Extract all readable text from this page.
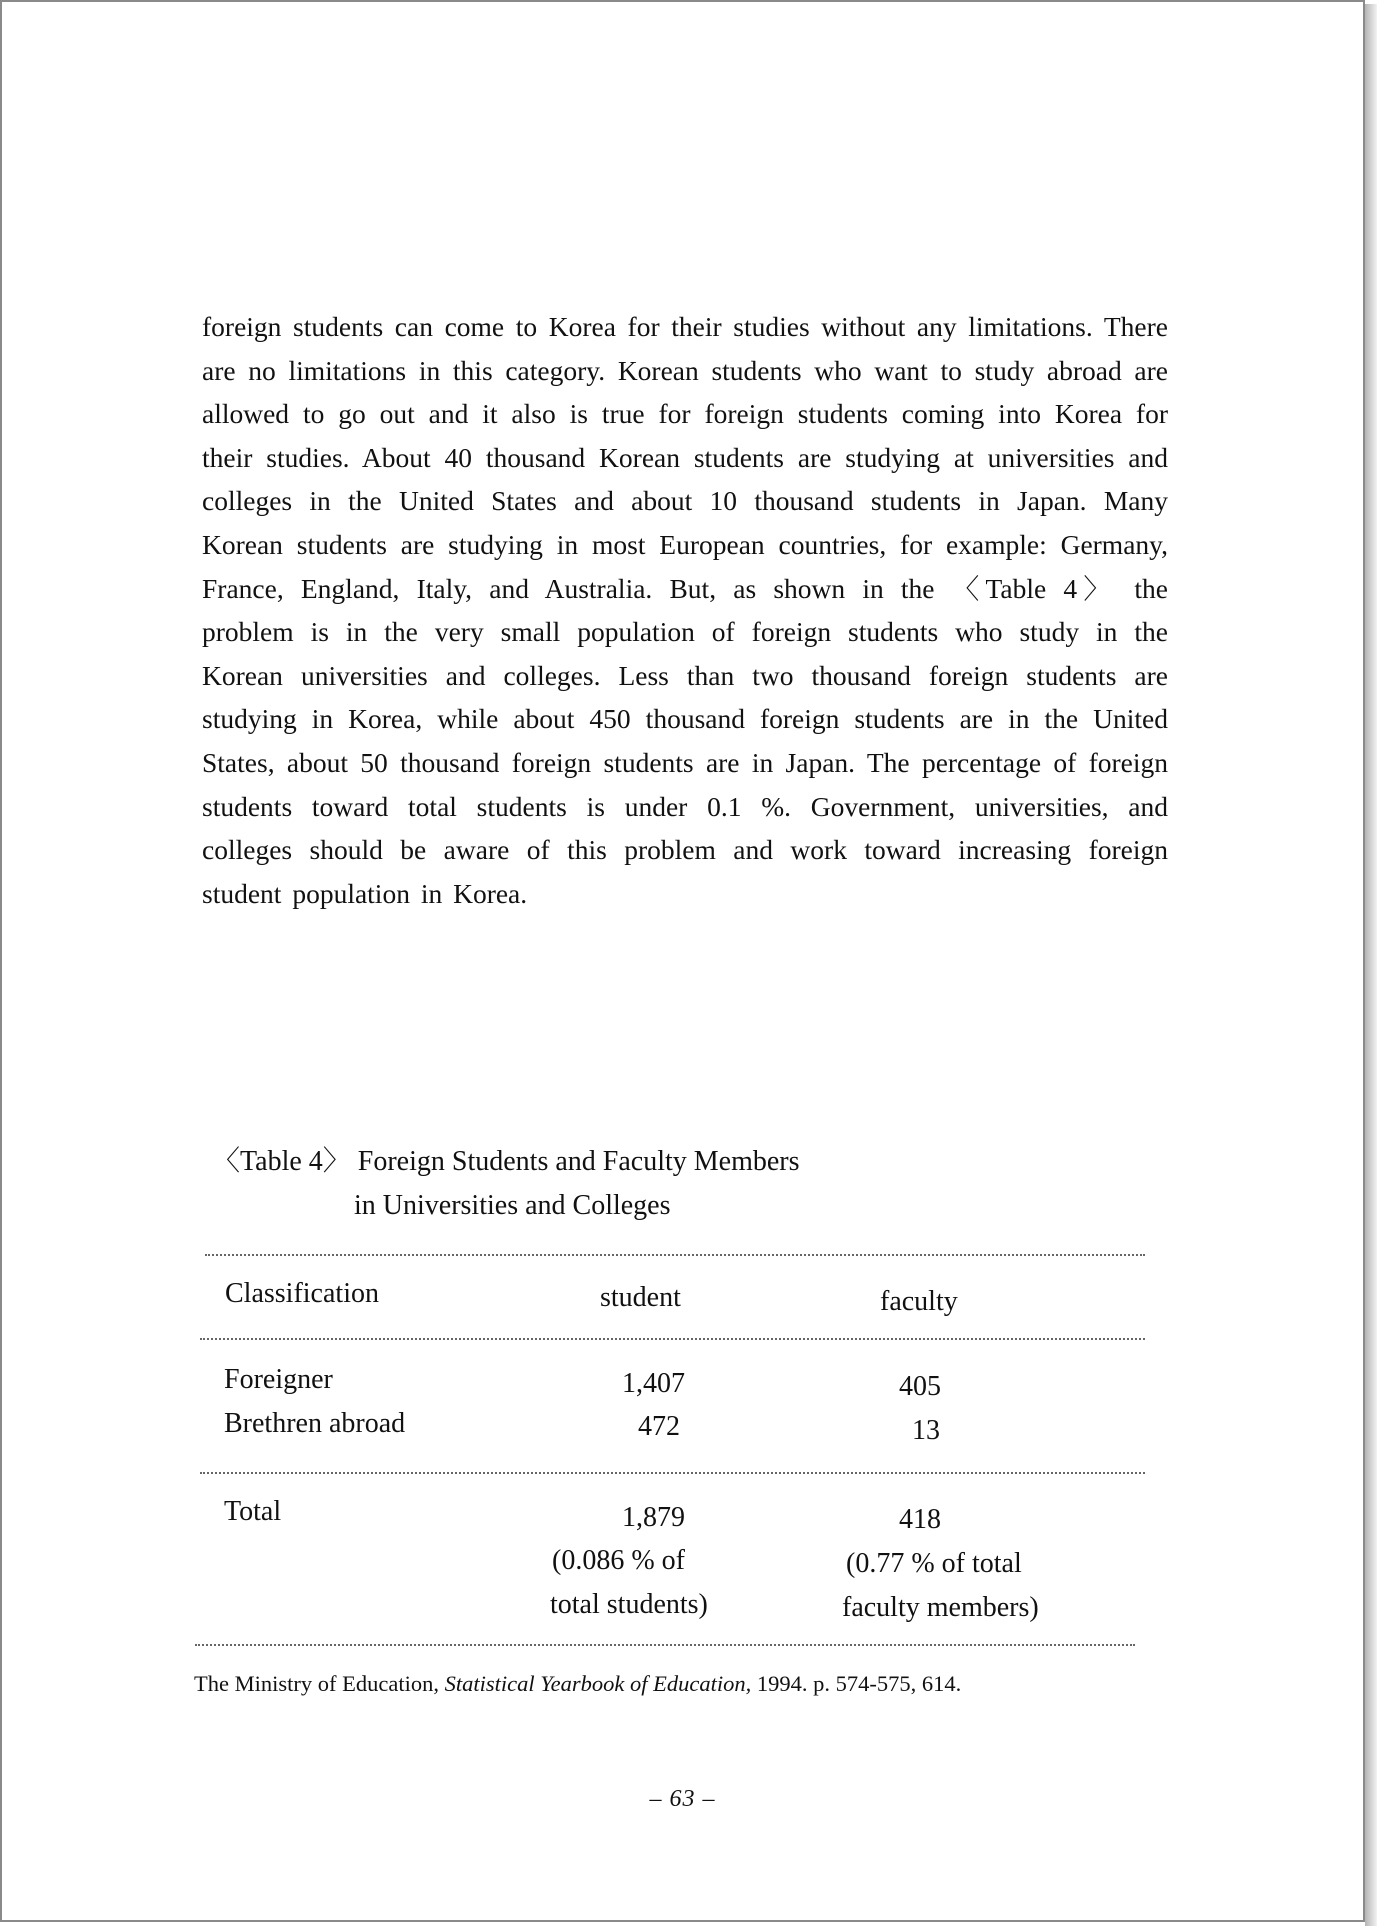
foreign students can come to Korea for their studies without any limitations. There are no limitations in this category. Korean students who want to study abroad are allowed to go out and it also is true for foreign students coming into Korea for their studies. About 40 thousand Korean students are studying at universities and colleges in the United States and about 10 thousand students in Japan. Many Korean students are studying in most European countries, for example: Germany, France, England, Italy, and Australia. But, as shown in the 〈Table 4〉 the problem is in the very small population of foreign students who study in the Korean universities and colleges. Less than two thousand foreign students are studying in Korea, while about 450 thousand foreign students are in the United States, about 50 thousand foreign students are in Japan. The percentage of foreign students toward total students is under 0.1 %. Government, universities, and colleges should be aware of this problem and work toward increasing foreign student population in Korea.

〈Table 4〉 Foreign Students and Faculty Members
in Universities and Colleges
Classification	student	faculty
Foreigner	1,407	405
Brethren abroad	472	13
Total	1,879	418
(0.086 % of	(0.77 % of total
total students)	faculty members)
The Ministry of Education, Statistical Yearbook of Education, 1994. p. 574-575, 614.
– 63 –
